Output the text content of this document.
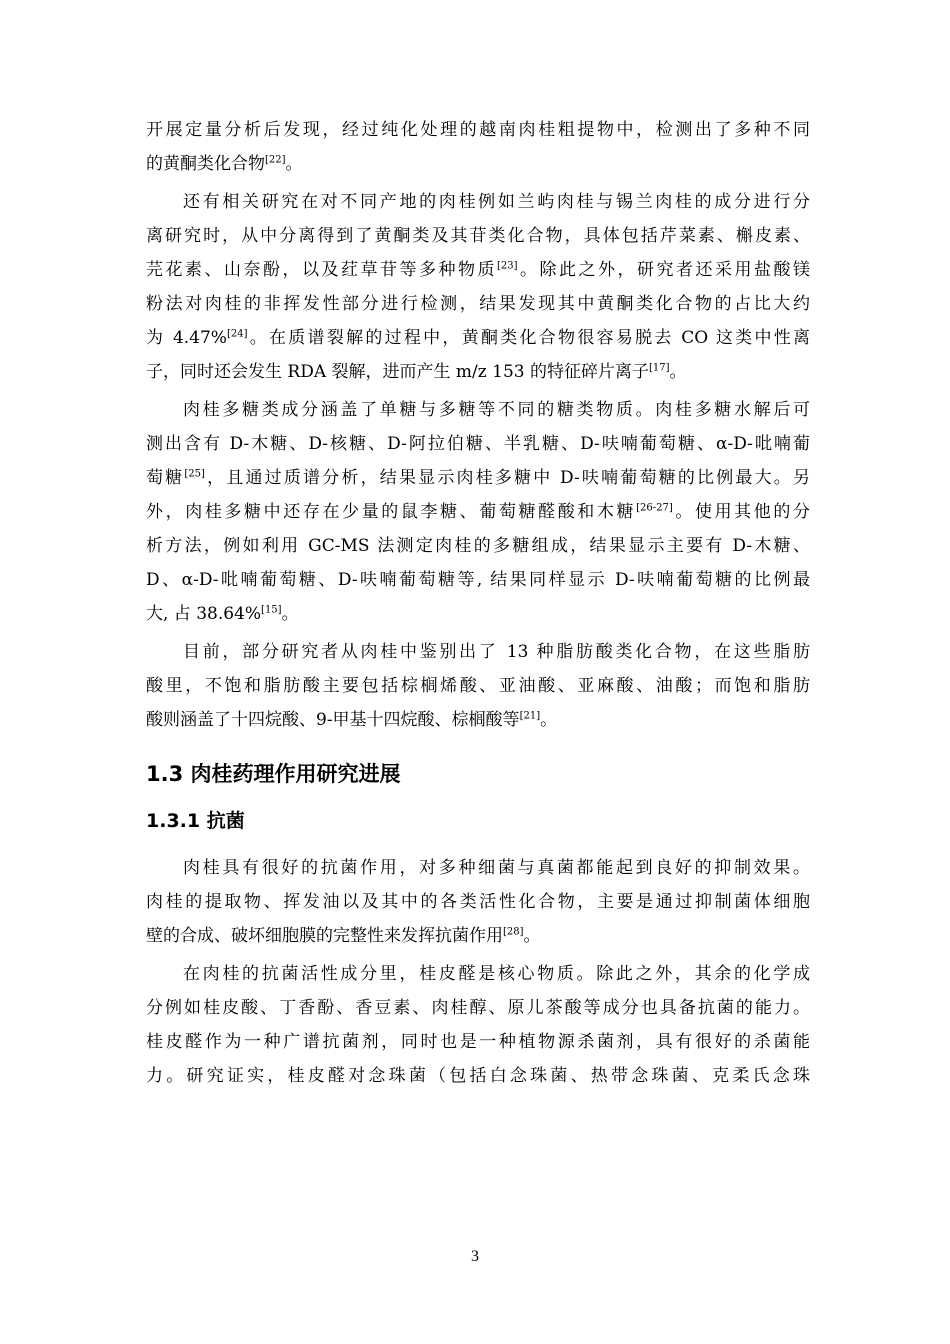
开展定量分析后发现，经过纯化处理的越南肉桂粗提物中，检测出了多种不同
的黄酮类化合物[22]。
还有相关研究在对不同产地的肉桂例如兰屿肉桂与锡兰肉桂的成分进行分
离研究时，从中分离得到了黄酮类及其苷类化合物，具体包括芹菜素、槲皮素、
芫花素、山奈酚，以及荭草苷等多种物质[23]。除此之外，研究者还采用盐酸镁
粉法对肉桂的非挥发性部分进行检测，结果发现其中黄酮类化合物的占比大约
为 4.47%[24]。在质谱裂解的过程中，黄酮类化合物很容易脱去 CO 这类中性离
子，同时还会发生 RDA 裂解，进而产生 m/z 153 的特征碎片离子[17]。
肉桂多糖类成分涵盖了单糖与多糖等不同的糖类物质。肉桂多糖水解后可
测出含有 D-木糖、D-核糖、D-阿拉伯糖、半乳糖、D-呋喃葡萄糖、α-D-吡喃葡
萄糖[25]，且通过质谱分析，结果显示肉桂多糖中 D-呋喃葡萄糖的比例最大。另
外，肉桂多糖中还存在少量的鼠李糖、葡萄糖醛酸和木糖[26-27]。使用其他的分
析方法，例如利用 GC-MS 法测定肉桂的多糖组成，结果显示主要有 D-木糖、
D、α-D-吡喃葡萄糖、D-呋喃葡萄糖等, 结果同样显示 D-呋喃葡萄糖的比例最
大, 占 38.64%[15]。
目前，部分研究者从肉桂中鉴别出了 13 种脂肪酸类化合物，在这些脂肪
酸里，不饱和脂肪酸主要包括棕榈烯酸、亚油酸、亚麻酸、油酸；而饱和脂肪
酸则涵盖了十四烷酸、9-甲基十四烷酸、棕榈酸等[21]。
1.3 肉桂药理作用研究进展
1.3.1 抗菌
肉桂具有很好的抗菌作用，对多种细菌与真菌都能起到良好的抑制效果。
肉桂的提取物、挥发油以及其中的各类活性化合物，主要是通过抑制菌体细胞
壁的合成、破坏细胞膜的完整性来发挥抗菌作用[28]。
在肉桂的抗菌活性成分里，桂皮醛是核心物质。除此之外，其余的化学成
分例如桂皮酸、丁香酚、香豆素、肉桂醇、原儿茶酸等成分也具备抗菌的能力。
桂皮醛作为一种广谱抗菌剂，同时也是一种植物源杀菌剂，具有很好的杀菌能
力。研究证实，桂皮醛对念珠菌（包括白念珠菌、热带念珠菌、克柔氏念珠
3
